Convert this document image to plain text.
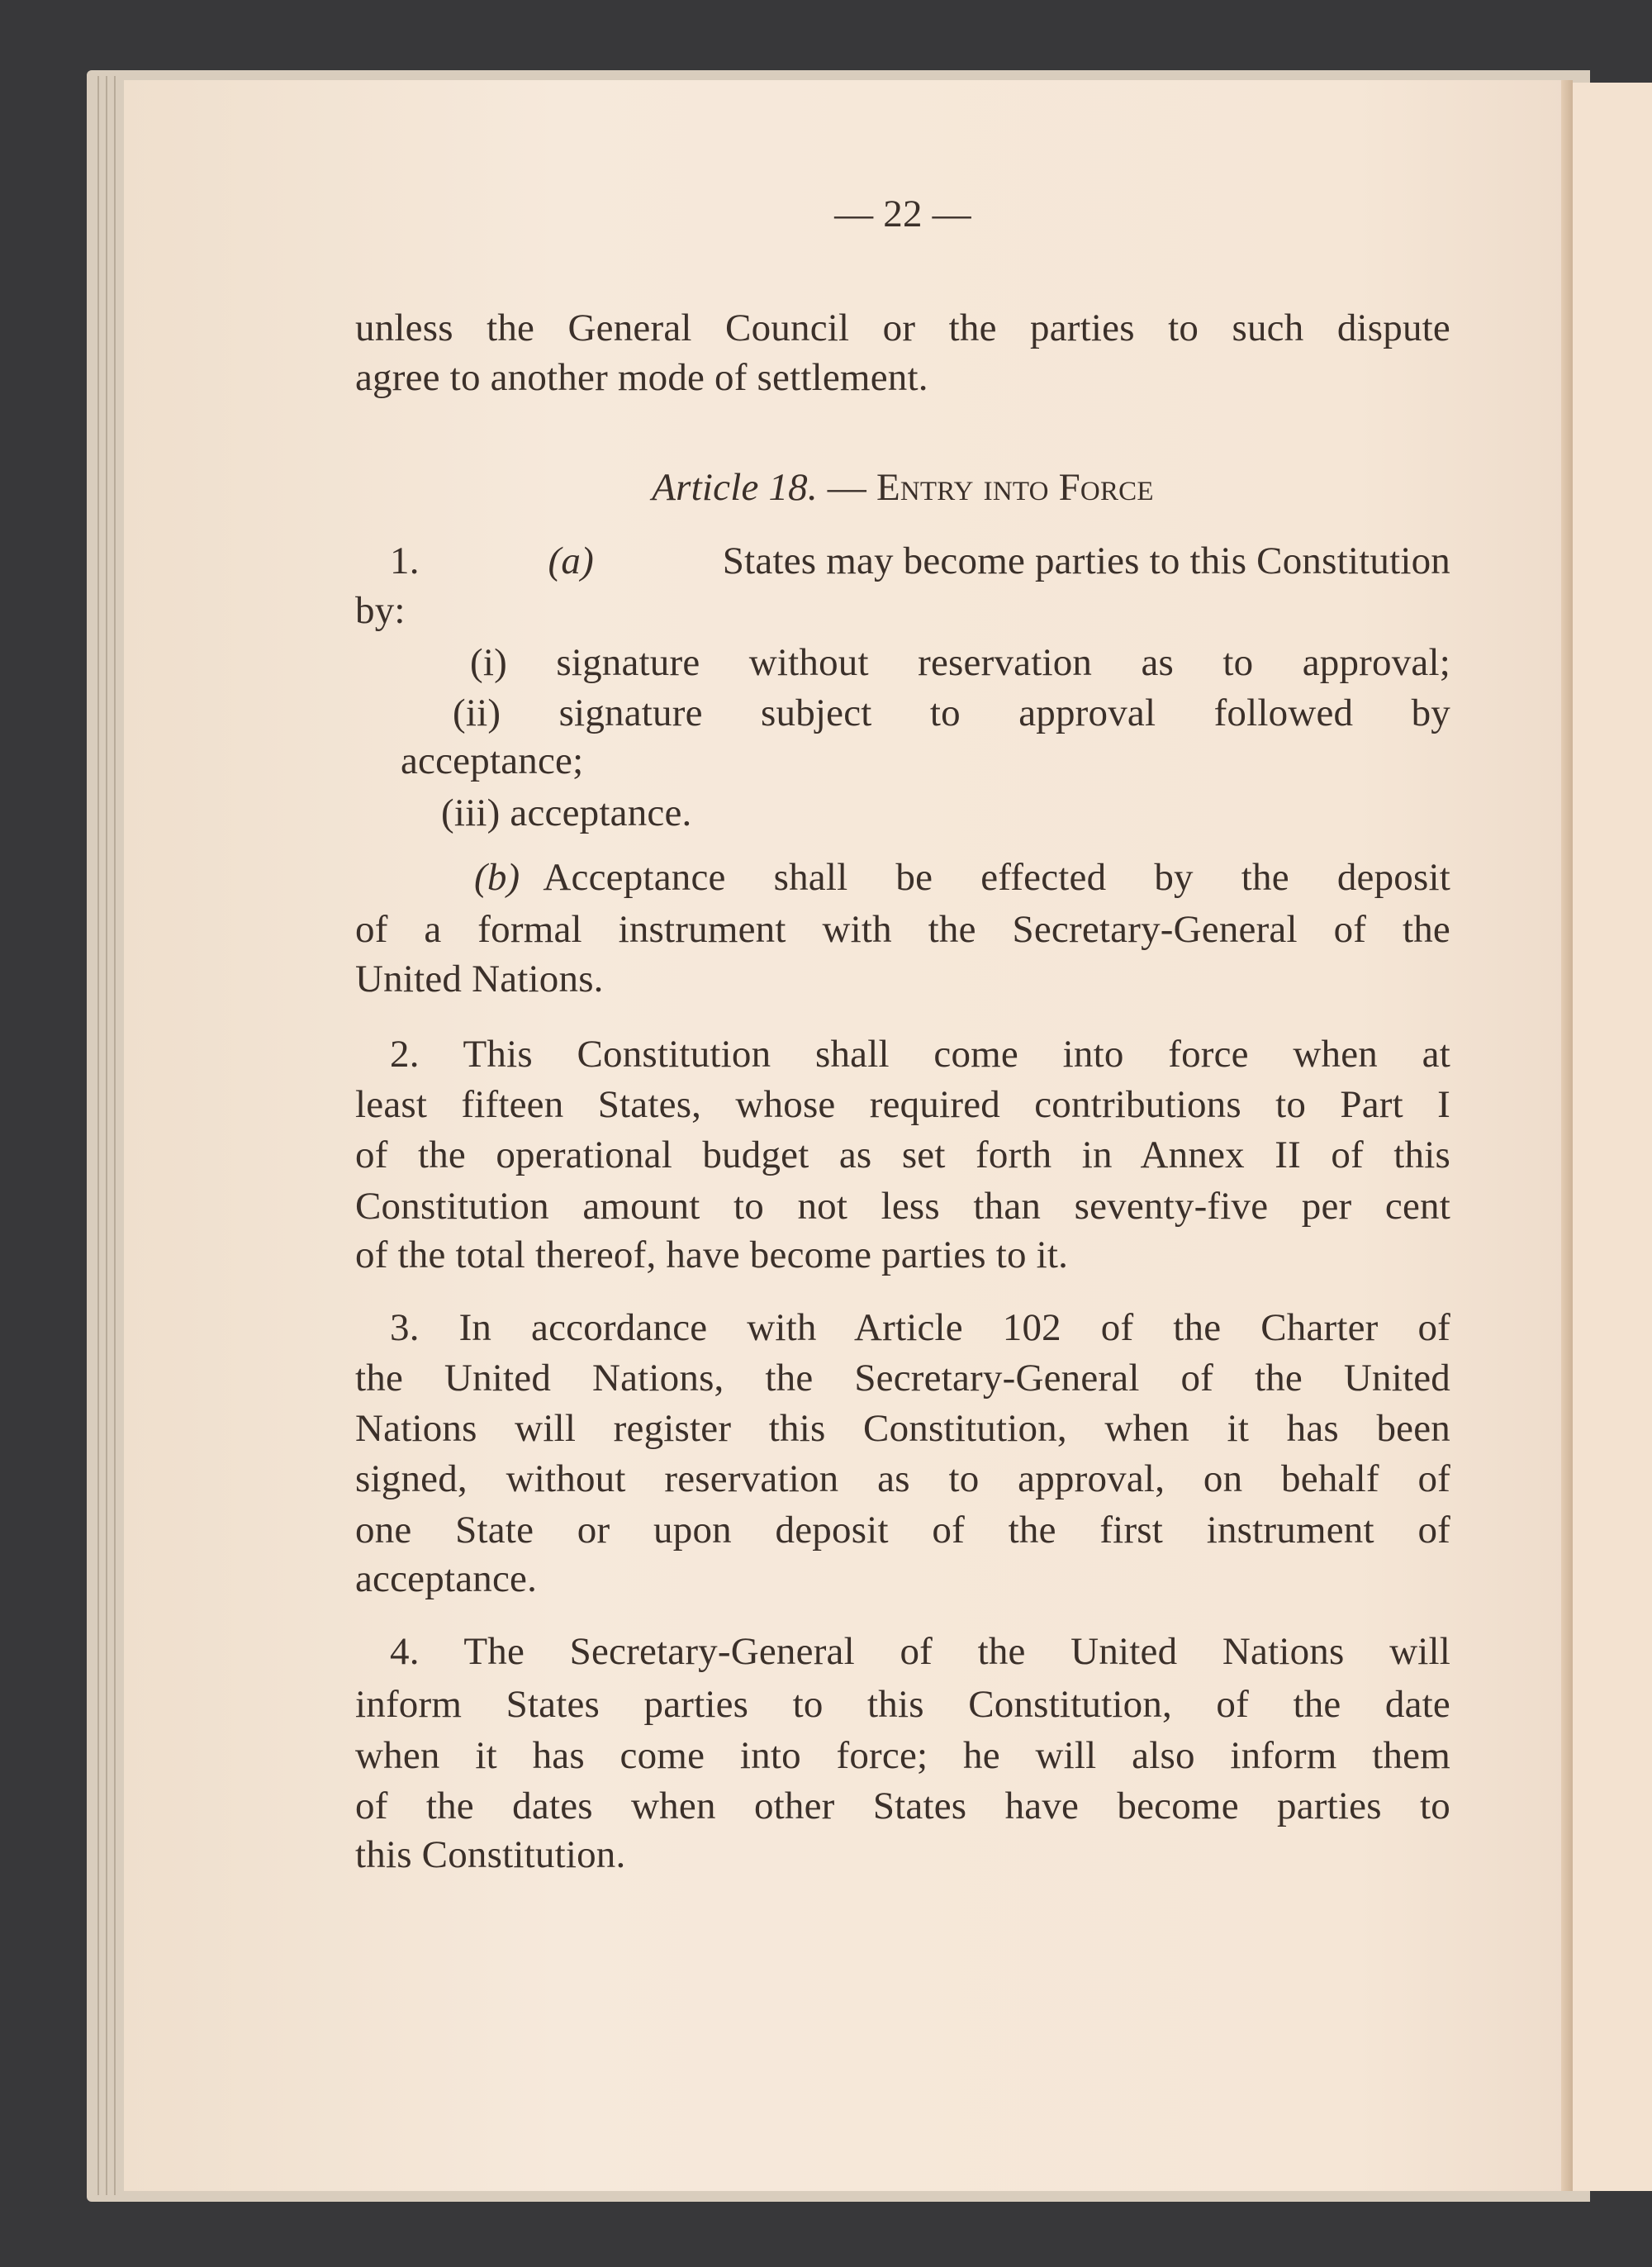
— 22 —
unless the General Council or the parties to such dispute
agree to another mode of settlement.
Article 18. — Entry into Force
1.	(a)	States may become parties to this Constitution
by:
(i) signature without reservation as to approval;
(ii) signature subject to approval followed by
acceptance;
(iii) acceptance.
(b) Acceptance shall be effected by the deposit
of a formal instrument with the Secretary-General of the
United Nations.
2. This Constitution shall come into force when at
least fifteen States, whose required contributions to Part I
of the operational budget as set forth in Annex II of this
Constitution amount to not less than seventy-five per cent
of the total thereof, have become parties to it.
3. In accordance with Article 102 of the Charter of
the United Nations, the Secretary-General of the United
Nations will register this Constitution, when it has been
signed, without reservation as to approval, on behalf of
one State or upon deposit of the first instrument of
acceptance.
4. The Secretary-General of the United Nations will
inform States parties to this Constitution, of the date
when it has come into force; he will also inform them
of the dates when other States have become parties to
this Constitution.
